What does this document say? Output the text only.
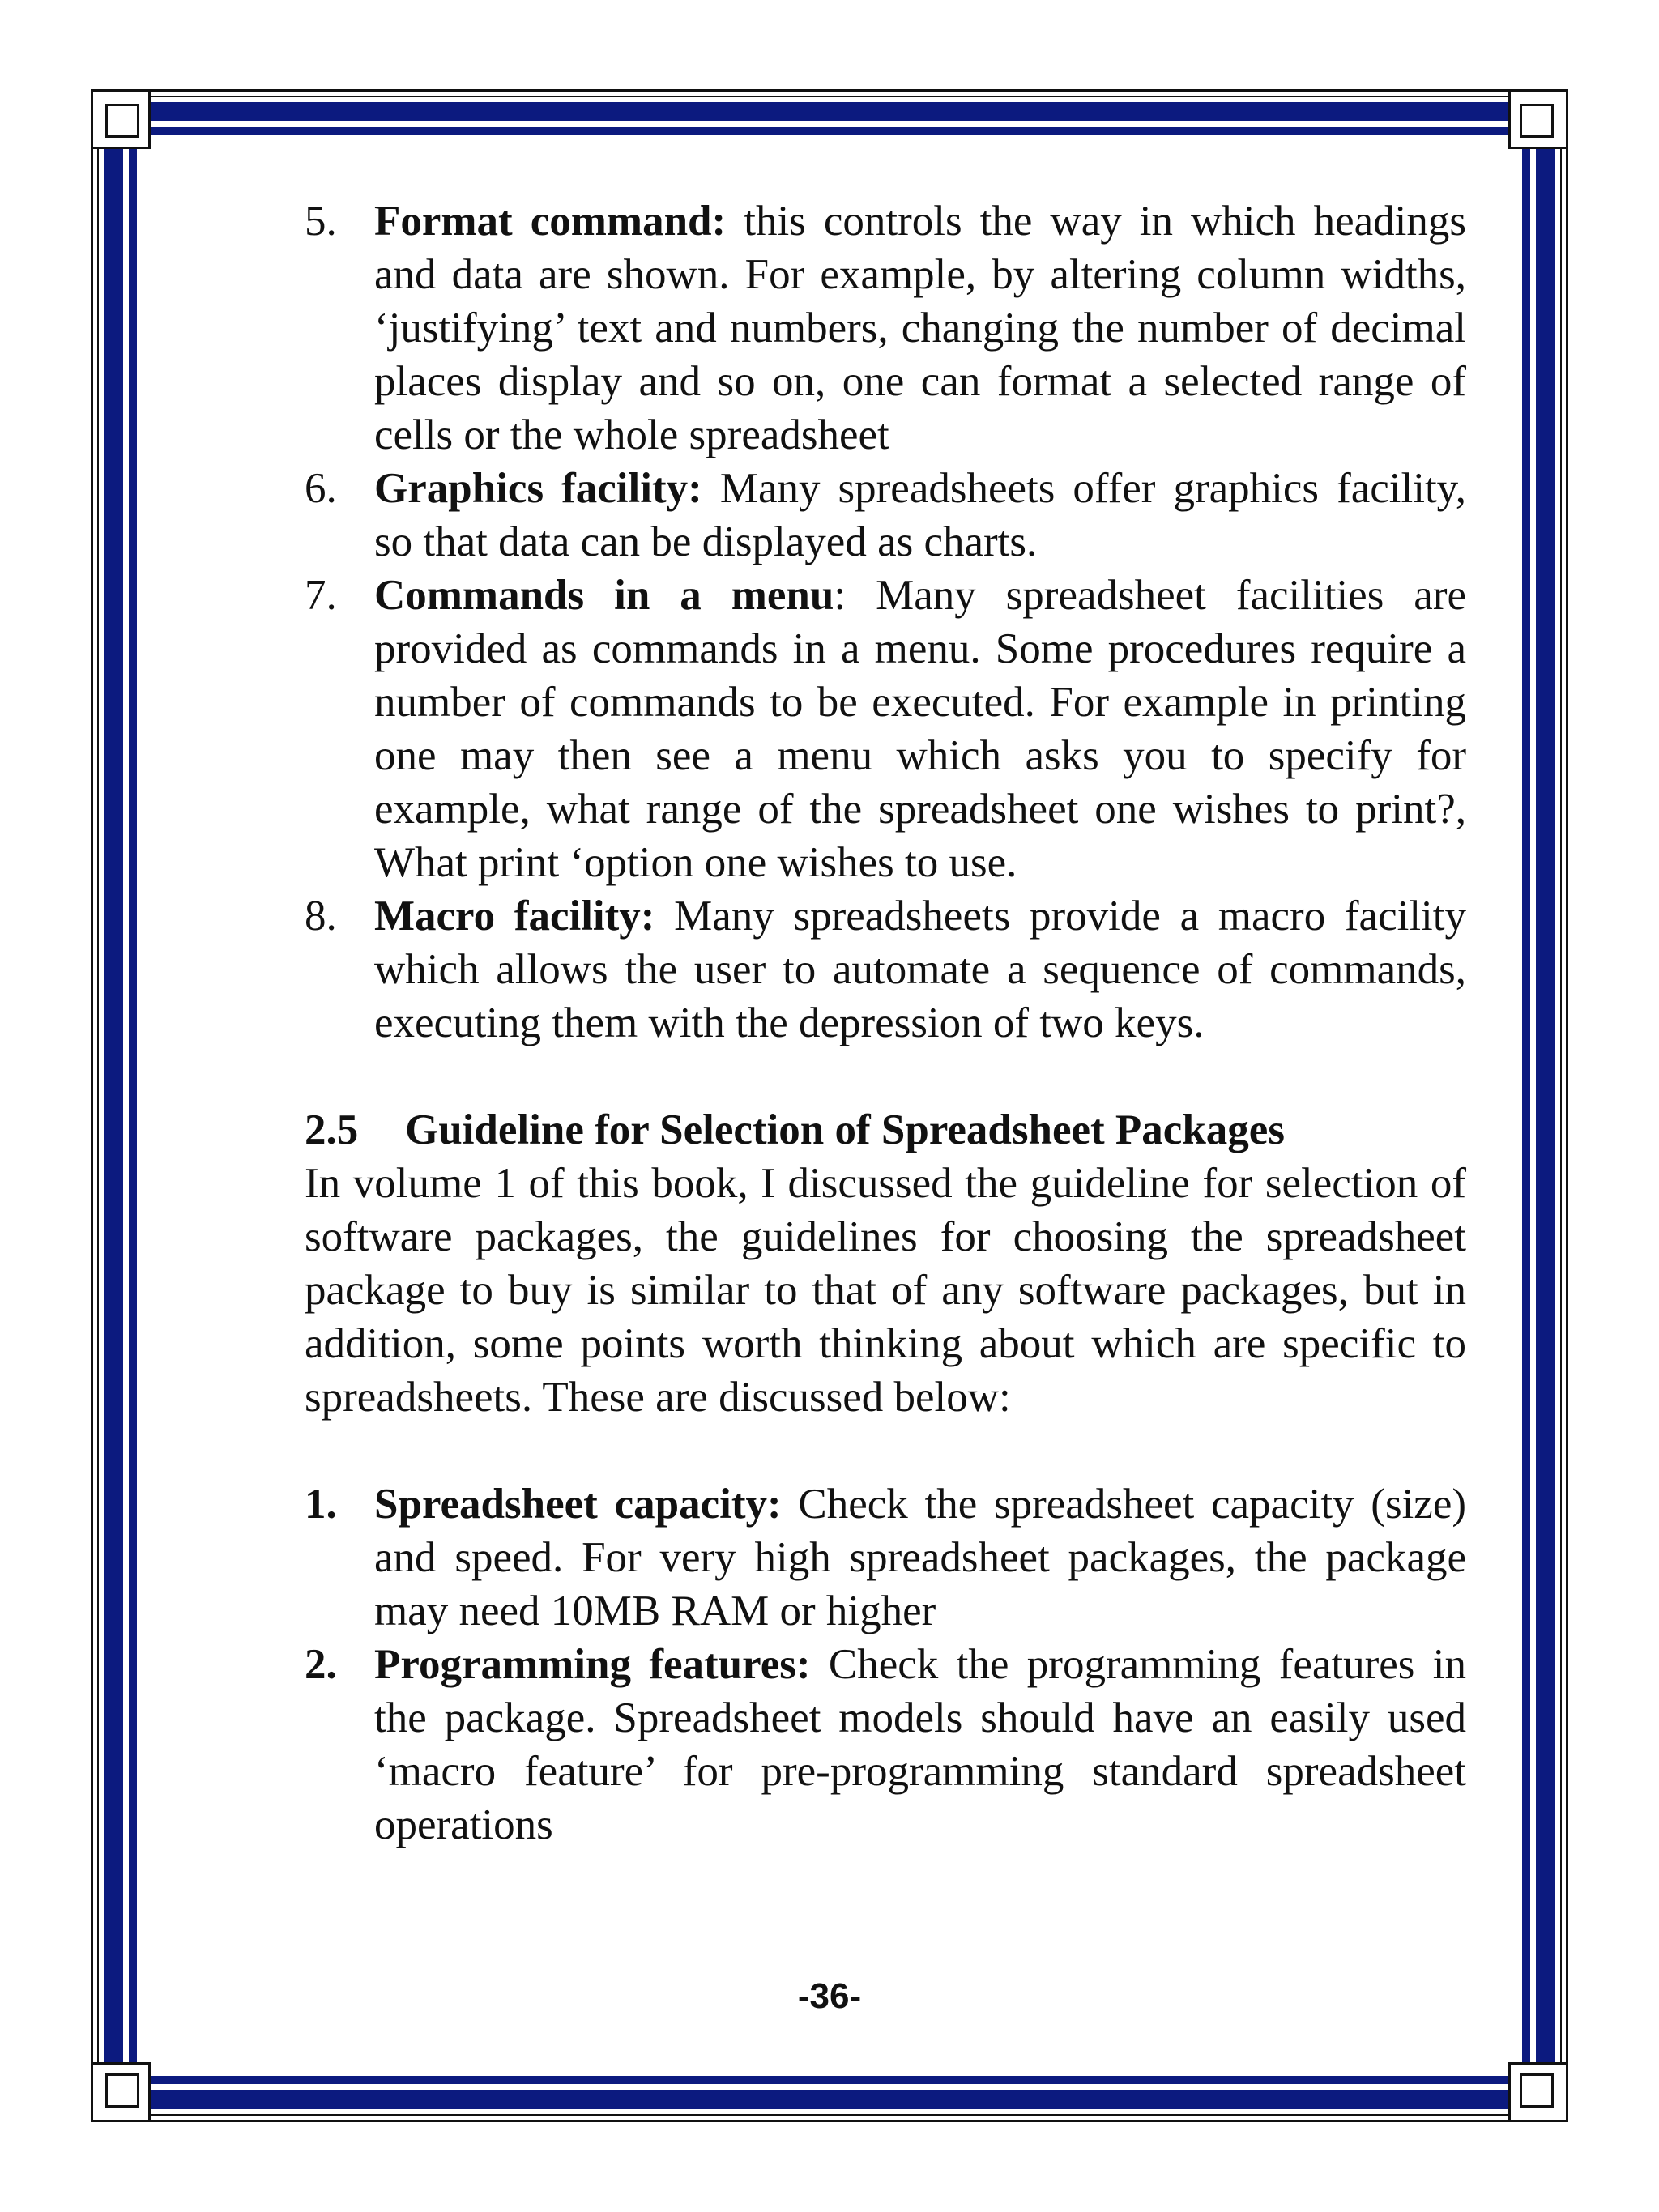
5. Format command: this controls the way in which headings and data are shown. For example, by altering column widths, ‘justifying’ text and numbers, changing the number of decimal places display and so on, one can format a selected range of cells or the whole spreadsheet
6. Graphics facility: Many spreadsheets offer graphics facility, so that data can be displayed as charts.
7. Commands in a menu: Many spreadsheet facilities are provided as commands in a menu. Some procedures require a number of commands to be executed. For example in printing one may then see a menu which asks you to specify for example, what range of the spreadsheet one wishes to print?, What print ‘option one wishes to use.
8. Macro facility: Many spreadsheets provide a macro facility which allows the user to automate a sequence of commands, executing them with the depression of two keys.
2.5	Guideline for Selection of Spreadsheet Packages
In volume 1 of this book, I discussed the guideline for selection of software packages, the guidelines for choosing the spreadsheet package to buy is similar to that of any software packages, but in addition, some points worth thinking about which are specific to spreadsheets. These are discussed below:
1. Spreadsheet capacity: Check the spreadsheet capacity (size) and speed. For very high spreadsheet packages, the package may need 10MB RAM or higher
2. Programming features: Check the programming features in the package. Spreadsheet models should have an easily used ‘macro feature’ for pre-programming standard spreadsheet operations
-36-
